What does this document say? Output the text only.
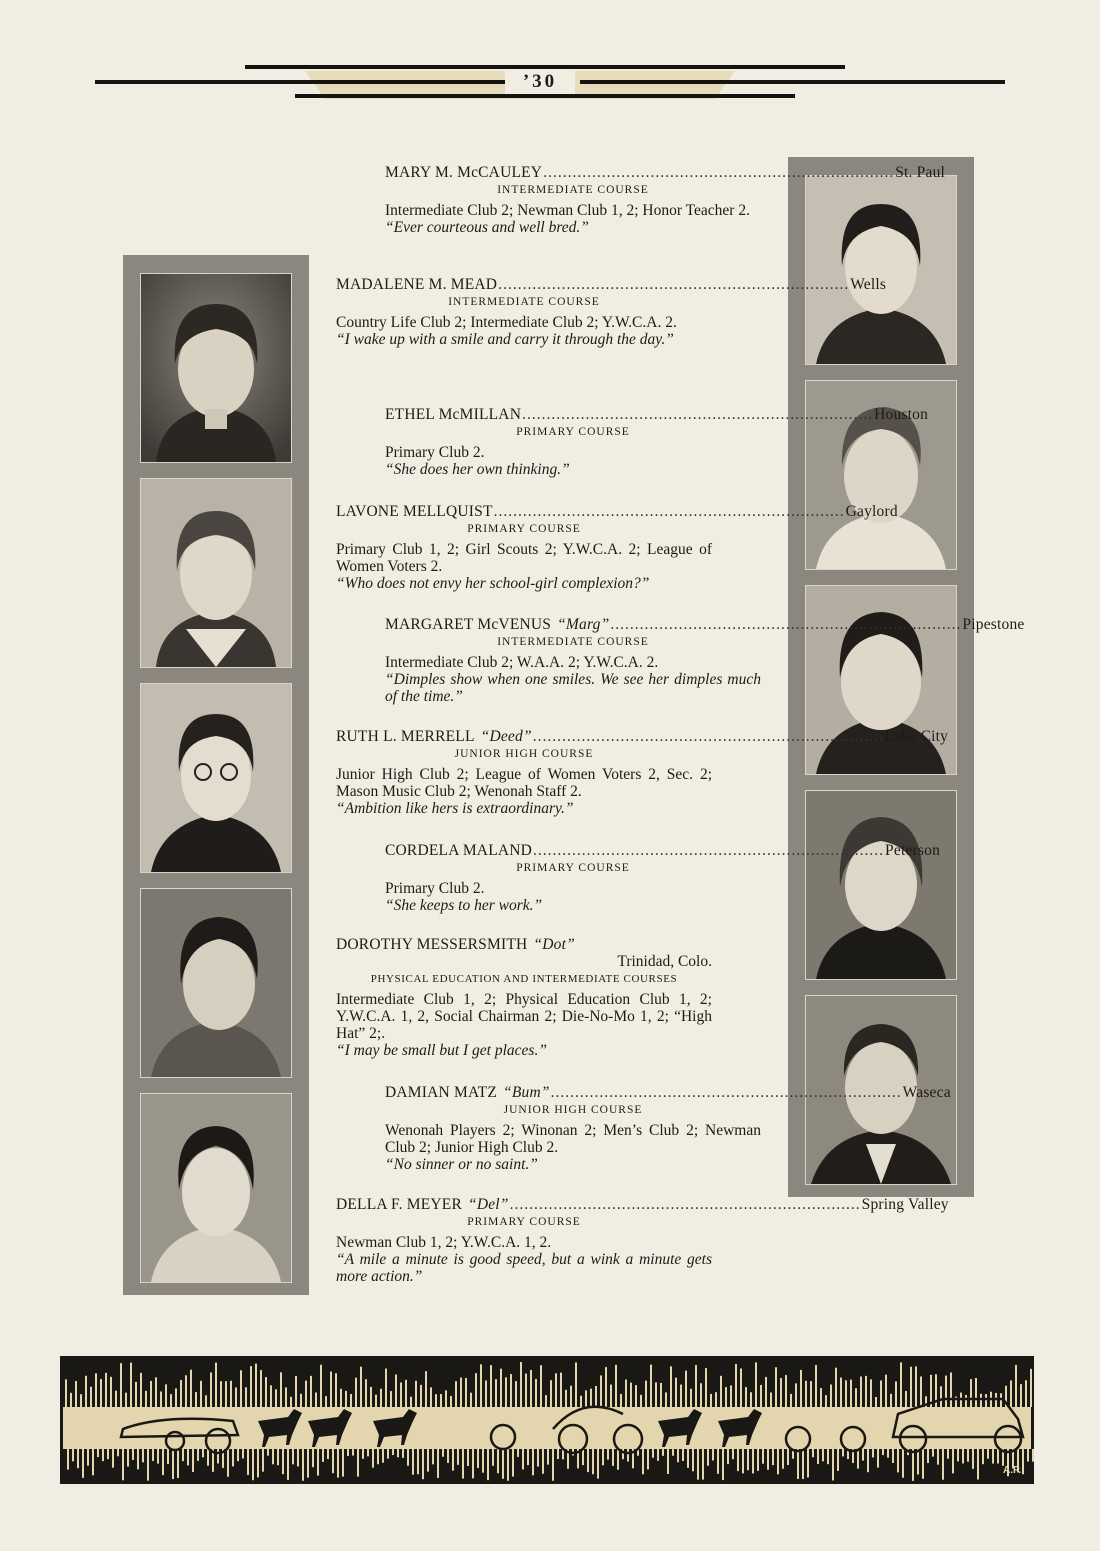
’30
MARY M. McCAULEY ........................................................................ St. Paul
INTERMEDIATE COURSE
Intermediate Club 2; Newman Club 1, 2; Honor Teacher 2.
“Ever courteous and well bred.”
MADALENE M. MEAD ........................................................................ Wells
INTERMEDIATE COURSE
Country Life Club 2; Intermediate Club 2; Y.W.C.A. 2.
“I wake up with a smile and carry it through the day.”
ETHEL McMILLAN ........................................................................ Houston
PRIMARY COURSE
Primary Club 2.
“She does her own thinking.”
LAVONE MELLQUIST ........................................................................ Gaylord
PRIMARY COURSE
Primary Club 1, 2; Girl Scouts 2; Y.W.C.A. 2; League of Women Voters 2.
“Who does not envy her school-girl complexion?”
MARGARET McVENUS “Marg” ........................................................................ Pipestone
INTERMEDIATE COURSE
Intermediate Club 2; W.A.A. 2; Y.W.C.A. 2.
“Dimples show when one smiles. We see her dimples much of the time.”
RUTH L. MERRELL “Deed” ........................................................................ Lake City
JUNIOR HIGH COURSE
Junior High Club 2; League of Women Voters 2, Sec. 2; Mason Music Club 2; Wenonah Staff 2.
“Ambition like hers is extraordinary.”
CORDELA MALAND ........................................................................ Peterson
PRIMARY COURSE
Primary Club 2.
“She keeps to her work.”
DOROTHY MESSERSMITH “Dot”
Trinidad, Colo.
PHYSICAL EDUCATION AND INTERMEDIATE COURSES
Intermediate Club 1, 2; Physical Education Club 1, 2; Y.W.C.A. 1, 2, Social Chairman 2; Die-No-Mo 1, 2; “High Hat” 2;.
“I may be small but I get places.”
DAMIAN MATZ “Bum” ........................................................................ Waseca
JUNIOR HIGH COURSE
Wenonah Players 2; Winonan 2; Men’s Club 2; Newman Club 2; Junior High Club 2.
“No sinner or no saint.”
DELLA F. MEYER “Del” ........................................................................ Spring Valley
PRIMARY COURSE
Newman Club 1, 2; Y.W.C.A. 1, 2.
“A mile a minute is good speed, but a wink a minute gets more action.”
A.P.
